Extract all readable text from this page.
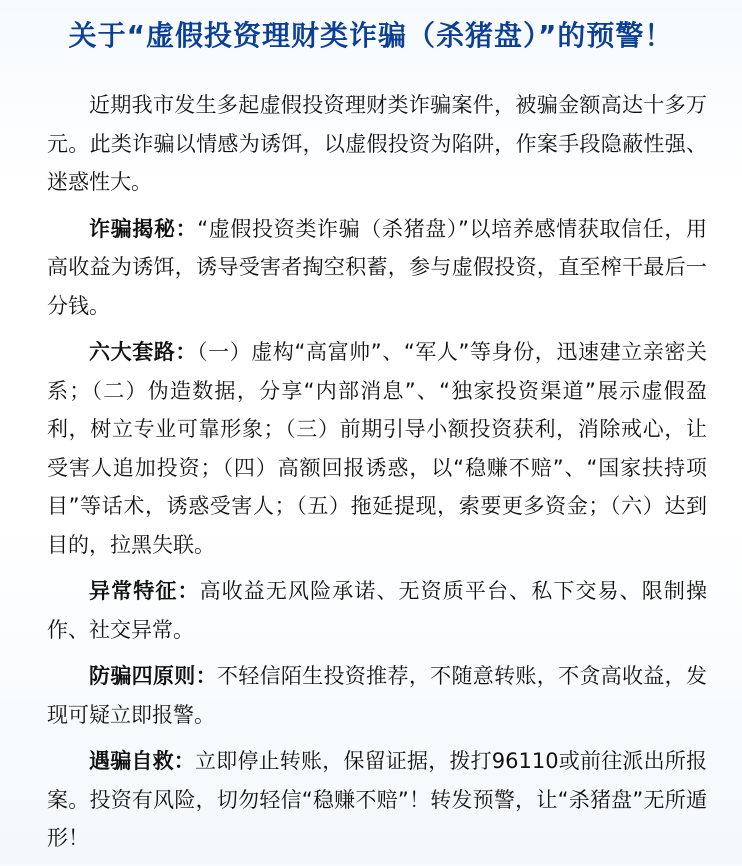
关于“虚假投资理财类诈骗（杀猪盘）”的预警！

近期我市发生多起虚假投资理财类诈骗案件，被骗金额高达十多万元。此类诈骗以情感为诱饵，以虚假投资为陷阱，作案手段隐蔽性强、迷惑性大。

诈骗揭秘：“虚假投资类诈骗（杀猪盘）”以培养感情获取信任，用高收益为诱饵，诱导受害者掏空积蓄，参与虚假投资，直至榨干最后一分钱。

六大套路：（一）虚构“高富帅”、“军人”等身份，迅速建立亲密关系；（二）伪造数据，分享“内部消息”、“独家投资渠道”展示虚假盈利，树立专业可靠形象；（三）前期引导小额投资获利，消除戒心，让受害人追加投资；（四）高额回报诱惑，以“稳赚不赔”、“国家扶持项目”等话术，诱惑受害人；（五）拖延提现，索要更多资金；（六）达到目的，拉黑失联。

异常特征：高收益无风险承诺、无资质平台、私下交易、限制操作、社交异常。

防骗四原则：不轻信陌生投资推荐，不随意转账，不贪高收益，发现可疑立即报警。

遇骗自救：立即停止转账，保留证据，拨打96110或前往派出所报案。投资有风险，切勿轻信“稳赚不赔”！转发预警，让“杀猪盘”无所遁形！
